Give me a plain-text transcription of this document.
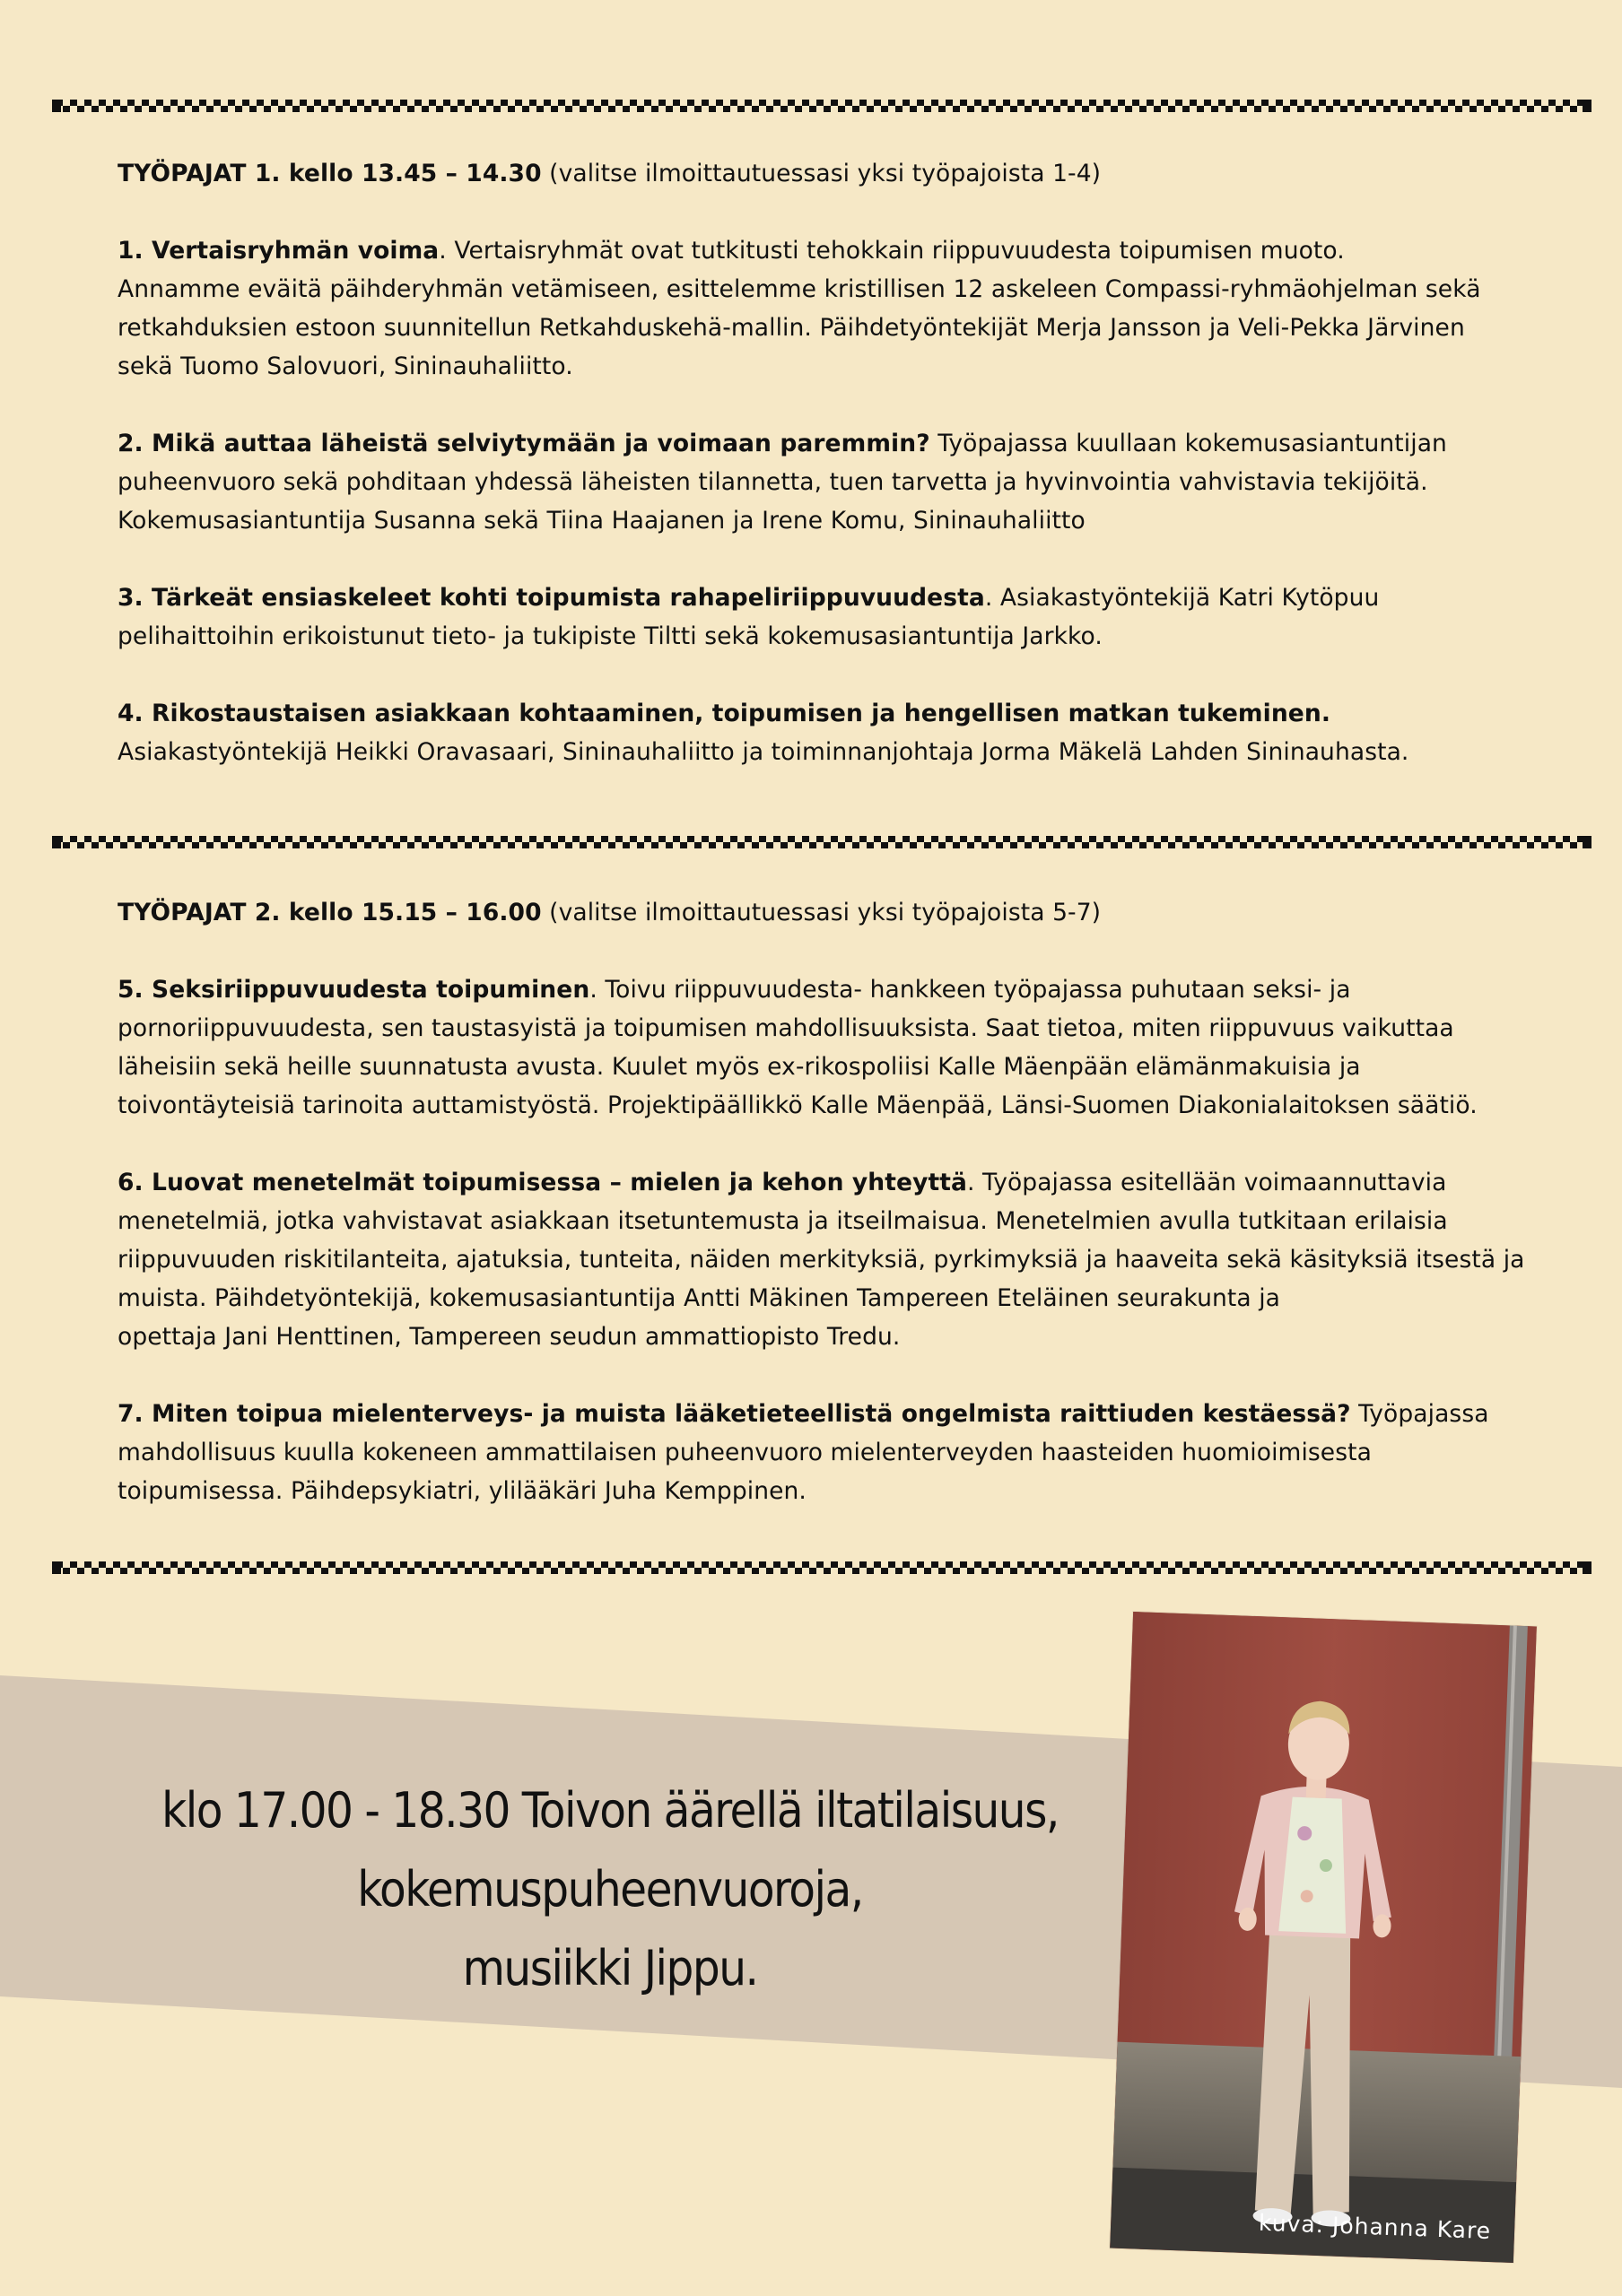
TYÖPAJAT 1. kello 13.45 – 14.30 (valitse ilmoittautuessasi yksi työpajoista 1-4)

1. Vertaisryhmän voima. Vertaisryhmät ovat tutkitusti tehokkain riippuvuudesta toipumisen muoto.
Annamme eväitä päihderyhmän vetämiseen, esittelemme kristillisen 12 askeleen Compassi-ryhmäohjelman sekä retkahduksien estoon suunnitellun Retkahduskehä-mallin. Päihdetyöntekijät Merja Jansson ja Veli-Pekka Järvinen sekä Tuomo Salovuori, Sininauhaliitto.

2. Mikä auttaa läheistä selviytymään ja voimaan paremmin? Työpajassa kuullaan kokemusasiantuntijan puheenvuoro sekä pohditaan yhdessä läheisten tilannetta, tuen tarvetta ja hyvinvointia vahvistavia tekijöitä. Kokemusasiantuntija Susanna sekä Tiina Haajanen ja Irene Komu, Sininauhaliitto

3. Tärkeät ensiaskeleet kohti toipumista rahapeliriippuvuudesta. Asiakastyöntekijä Katri Kytöpuu pelihaittoihin erikoistunut tieto- ja tukipiste Tiltti sekä kokemusasiantuntija Jarkko.

4. Rikostaustaisen asiakkaan kohtaaminen, toipumisen ja hengellisen matkan tukeminen.
Asiakastyöntekijä Heikki Oravasaari, Sininauhaliitto ja toiminnanjohtaja Jorma Mäkelä Lahden Sininauhasta.

TYÖPAJAT 2. kello 15.15 – 16.00 (valitse ilmoittautuessasi yksi työpajoista 5-7)

5. Seksiriippuvuudesta toipuminen. Toivu riippuvuudesta- hankkeen työpajassa puhutaan seksi- ja pornoriippuvuudesta, sen taustasyistä ja toipumisen mahdollisuuksista. Saat tietoa, miten riippuvuus vaikuttaa läheisiin sekä heille suunnatusta avusta. Kuulet myös ex-rikospoliisi Kalle Mäenpään elämänmakuisia ja toivontäyteisiä tarinoita auttamistyöstä. Projektipäällikkö Kalle Mäenpää, Länsi-Suomen Diakonialaitoksen säätiö.

6. Luovat menetelmät toipumisessa – mielen ja kehon yhteyttä. Työpajassa esitellään voimaannuttavia menetelmiä, jotka vahvistavat asiakkaan itsetuntemusta ja itseilmaisua. Menetelmien avulla tutkitaan erilaisia riippuvuuden riskitilanteita, ajatuksia, tunteita, näiden merkityksiä, pyrkimyksiä ja haaveita sekä käsityksiä itsestä ja muista. Päihdetyöntekijä, kokemusasiantuntija Antti Mäkinen Tampereen Eteläinen seurakunta ja
opettaja Jani Henttinen, Tampereen seudun ammattiopisto Tredu.

7. Miten toipua mielenterveys- ja muista lääketieteellistä ongelmista raittiuden kestäessä? Työpajassa mahdollisuus kuulla kokeneen ammattilaisen puheenvuoro mielenterveyden haasteiden huomioimisesta toipumisessa. Päihdepsykiatri, ylilääkäri Juha Kemppinen.

klo 17.00 - 18.30 Toivon äärellä iltatilaisuus,
kokemuspuheenvuoroja,
musiikki Jippu.
kuva: Johanna Kare
